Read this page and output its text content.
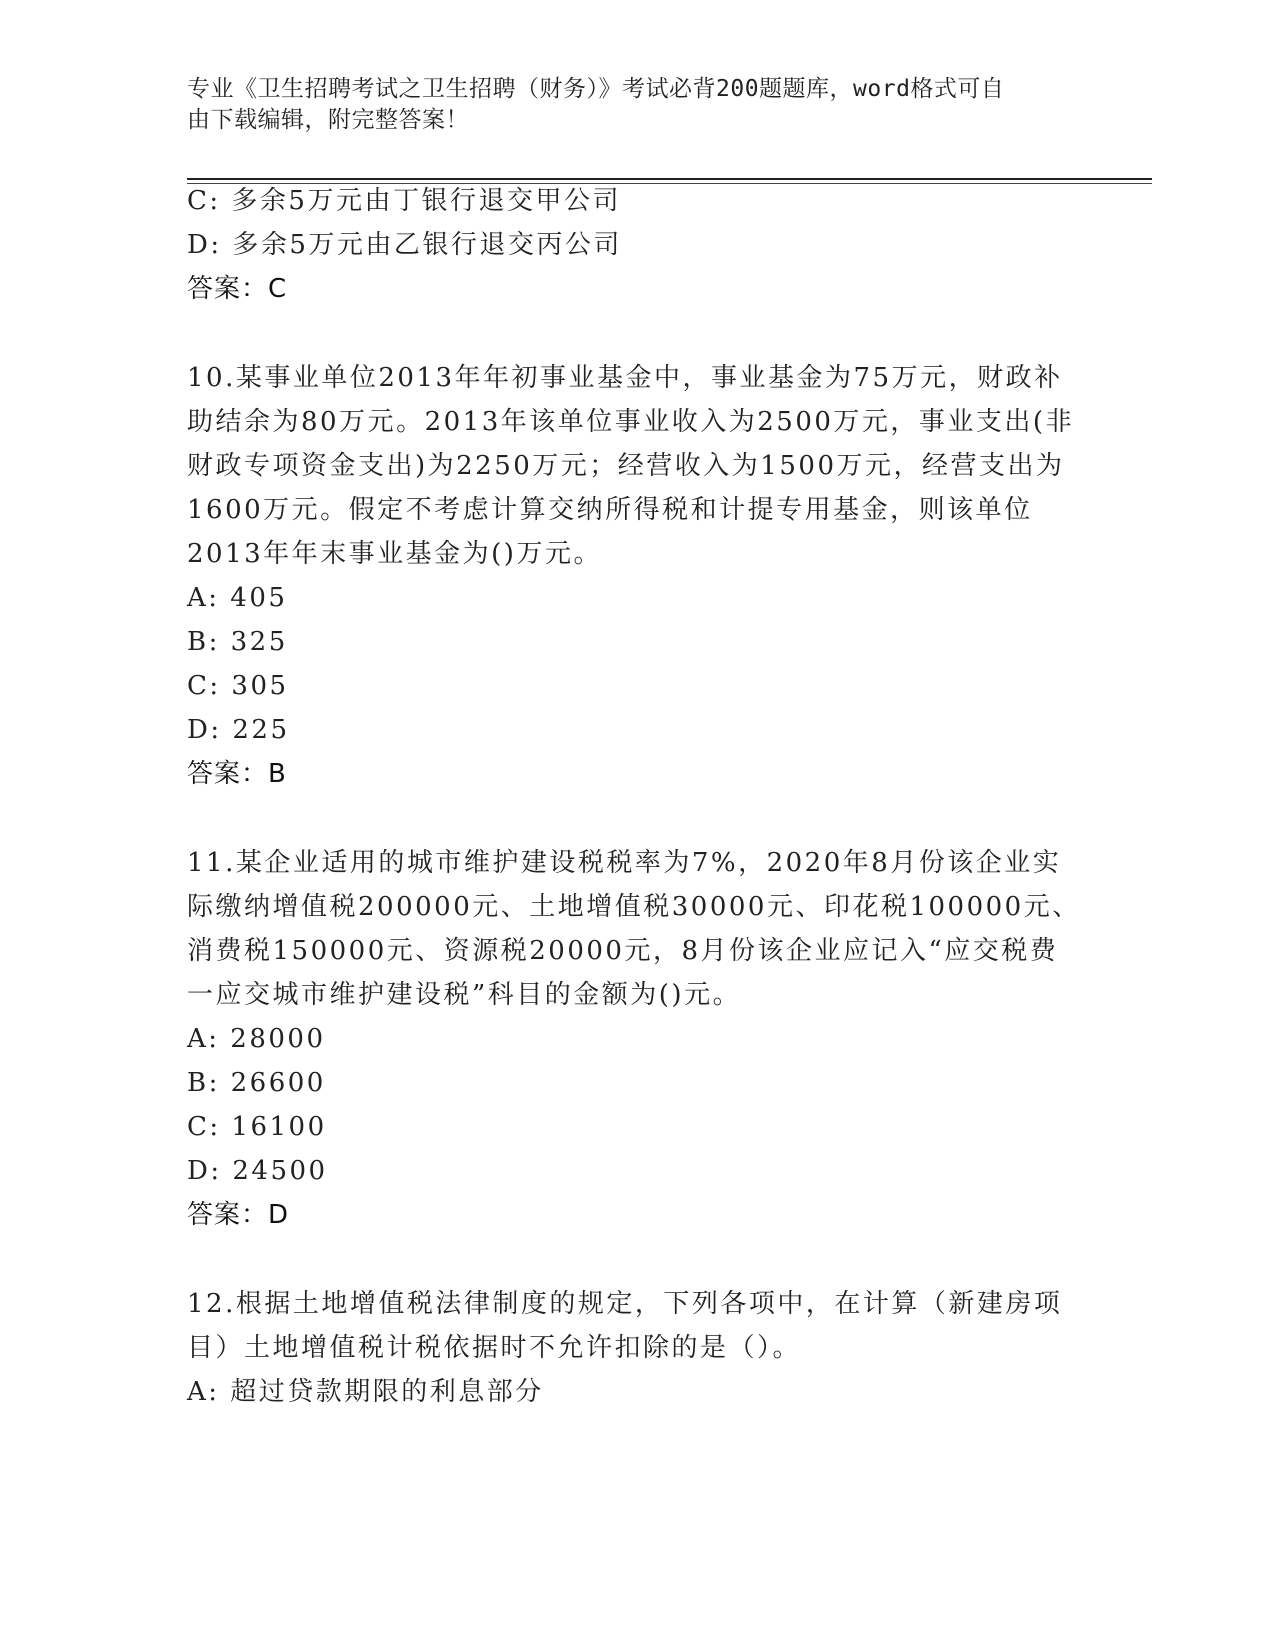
专业《卫生招聘考试之卫生招聘（财务）》考试必背200题题库，word格式可自
由下载编辑，附完整答案！
C: 多余5万元由丁银行退交甲公司
D: 多余5万元由乙银行退交丙公司
答案：C
10.某事业单位2013年年初事业基金中，事业基金为75万元，财政补
助结余为80万元。2013年该单位事业收入为2500万元，事业支出(非
财政专项资金支出)为2250万元；经营收入为1500万元，经营支出为
1600万元。假定不考虑计算交纳所得税和计提专用基金，则该单位
2013年年末事业基金为()万元。
A: 405
B: 325
C: 305
D: 225
答案：B
11.某企业适用的城市维护建设税税率为7%，2020年8月份该企业实
际缴纳增值税200000元、土地增值税30000元、印花税100000元、
消费税150000元、资源税20000元，8月份该企业应记入“应交税费
一应交城市维护建设税”科目的金额为()元。
A: 28000
B: 26600
C: 16100
D: 24500
答案：D
12.根据土地增值税法律制度的规定，下列各项中，在计算（新建房项
目）土地增值税计税依据时不允许扣除的是（）。
A: 超过贷款期限的利息部分
